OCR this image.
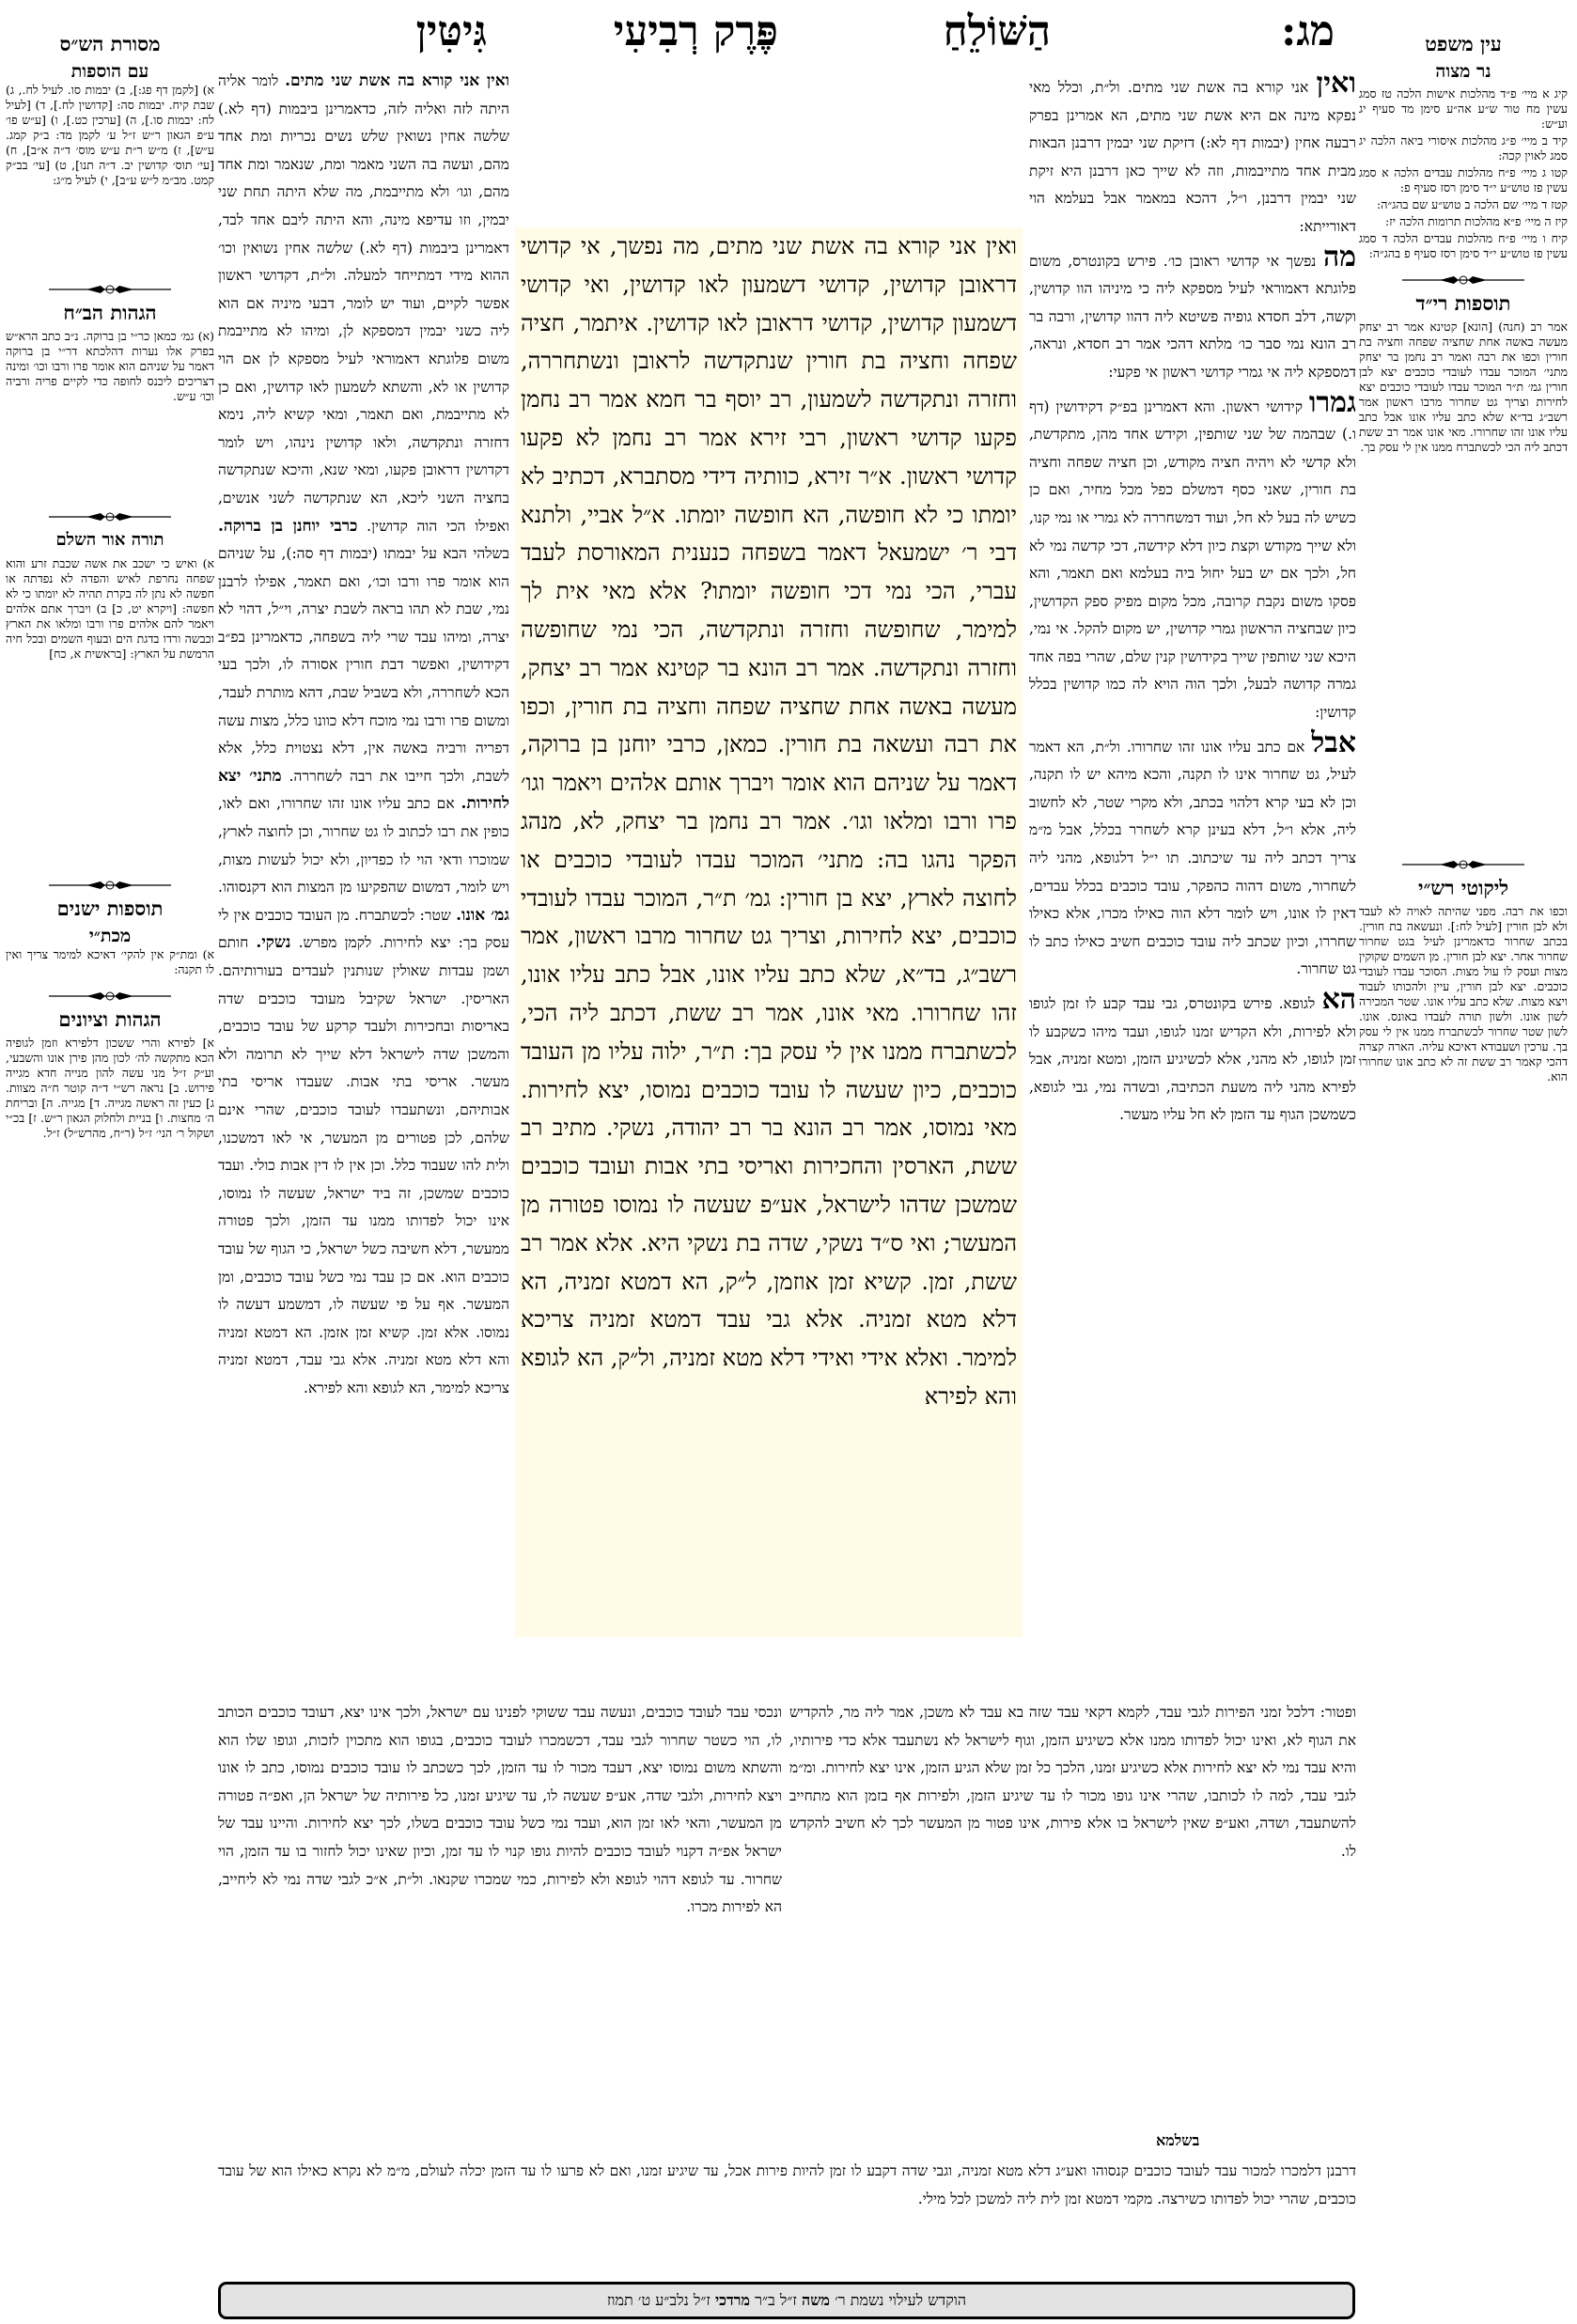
מג:
הַשּׁוֹלֵחַ
פֶּרֶק רְבִיעִי
גִּיטִּין	עין משפט
נר מצוה

קיג א מיי׳ פ״ד מהלכות אישות הלכה טז סמג עשין מח טור ש״ע אה״ע סימן מד סעיף יג וע״ש:

קיד ב מיי׳ פ״ג מהלכות איסורי ביאה הלכה יג סמג לאוין קכה:

קטו ג מיי׳ פ״ח מהלכות עבדים הלכה א סמג עשין פז טוש״ע י״ד סימן רסז סעיף פ:

קטז ד מיי׳ שם הלכה ב טוש״ע שם בהג״ה:

קיז ה מיי׳ פ״א מהלכות תרומות הלכה יז:

קיח ו מיי׳ פ״ח מהלכות עבדים הלכה ד סמג עשין פז טוש״ע י״ד סימן רסז סעיף פ בהג״ה:

תוספות רי״ד

אמר רב (חנה) [הונא] קטינא אמר רב יצחק מעשה באשה אחת שחציה שפחה וחציה בת חורין וכפו את רבה ואמר רב נחמן בר יצחק מתני׳ המוכר עבדו לעובדי כוכבים יצא לבן חורין גמ׳ ת״ר המוכר עבדו לעובדי כוכבים יצא לחירות וצריך גט שחרור מרבו ראשון אמר רשב״ג בד״א שלא כתב עליו אונו אבל כתב עליו אונו זהו שחרורו. מאי אונו אמר רב ששת דכתב ליה הכי לכשתברח ממנו אין לי עסק בך.

ליקוטי רש״י

וכפו את רבה. מפני שהיתה לאויה לא לעבד ולא לבן חורין [לעיל לח:]. ונעשאה בת חורין. בכתב שחרור כדאמרינן לעיל בגט שחרור שחרור אחר. יצא לבן חורין. מן השמים שקוקין מצות ועסק לו עול מצות. הסוכר עבדו לעובדי כוכבים. יצא לבן חורין, עיין ולהכותו לעבוד ויצא מצות. שלא כתב עליו אונו. שטר המכירה לשון אונו. ולשון תורה לעבדו באונס. אונו. לשון שטר שחרור לכשתברח ממנו אין לי עסק בך. ערכין ושעבודא דאיכא עליה. הארה קצרה דהכי קאמר רב ששת זה לא כתב אונו שחרורו הוא.

מסורת הש״ס
עם הוספות

א) [לקמן דף פג:], ב) יבמות סו. לעיל לח., ג) שבת קיח. יבמות סה: [קדושין לח.], ד) [לעיל לח: יבמות סו.], ה) [ערכין כט.], ו) [ע״ש פו׳ ע״פ הגאון ר״ש ז״ל ע׳ לקמן מד: ב״ק קמג. ע״ש], ז) מ״ש ר״ת ע״ש מוס׳ ד״ה א״ב], ח) [עי׳ תוס׳ קדושין יב. ד״ה תנו], ט) [עי׳ בב״ק קמט. מב״מ ל״ש ע״ב], י) לעיל מ״ג:

הגהות הב״ח

(א) גמ׳ כמאן כר״י בן ברוקה. נ״ב כתב הרא״ש בפרק אלו נערות דהלכתא דר״י בן ברוקה דאמר על שניהם הוא אומר פרו ורבו וכו׳ ומינה דצריכים ליכנס לחופה כדי לקיים פריה ורביה וכו׳ ע״ש.

תורה אור השלם

א) ואיש כי ישכב את אשה שכבת זרע והוא שפחה נחרפת לאיש והפדה לא נפדתה או חפשה לא נתן לה בקרת תהיה לא יומתו כי לא חפשה: [ויקרא יט, כ] ב) ויברך אתם אלהים ויאמר להם אלהים פרו ורבו ומלאו את הארץ וכבשה ורדו בדגת הים ובעוף השמים ובכל חיה הרמשת על הארץ: [בראשית א, כח]

תוספות ישנים
מכת״י

א) ומת״ק אין להקי׳ דאיכא למימר צריך ואין לו תקנה:

הגהות וציונים

א] לפירא והרי ששכון דלפירא וזמן לגופיה הכא מתקשה לה׳ לכון מהן פירן אונו והשבעי, וע״ק ז״ל מני עשה להון מנייה חדא מגייה פירוש. ב] נראה רש״י ד״ה קוטר ח״ה מצוות. ג] כעין זה ראשה מגייה. ד] מגייה. ה] ובריחת ה׳ מחצות. ו] בניית ולחלוק הגאון ר״ש. ז] בכ״י ושקול ר׳ הני׳ ז״ל (ר״ח, מהרש״ל) ז״ל.

ואין אני קורא בה אשת שני מתים. ול״ת, וכלל מאי נפקא מינה אם היא אשת שני מתים, הא אמרינן בפרק רבעה אחין (יבמות דף לא:) דזיקת שני יבמין דרבנן הבאות מבית אחד מתייבמות, וזה לא שייך כאן דרבנן היא זיקת שני יבמין דרבנן, ו״ל, דהכא במאמר אבל בעלמא הוי דאורייתא:
מה נפשך אי קדושי ראובן כו׳. פירש בקונטרס, משום פלוגתא דאמוראי לעיל מספקא ליה כי מיניהו הוו קדושין, וקשה, דלב חסדא גופיה פשיטא ליה דהוו קדושין, ורבה בר רב הונא נמי סבר כו׳ מלתא דהכי אמר רב חסדא, ונראה, דמספקא ליה אי גמרי קדושי ראשון אי פקעי:
גמרו קידושי ראשון. והא דאמרינן בפ״ק דקידושין (דף ו.) שבהמה של שני שותפין, וקידש אחד מהן, מתקדשת, ולא קדשי לא ויהיה חציה מקודש, וכן חציה שפחה וחציה בת חורין, שאני כסף דמשלם כפל מכל מחיר, ואם כן כשיש לה בעל לא חל, ועוד דמשחררה לא גמרי או נמי קנו, ולא שייך מקודש וקצת כיון דלא קידשה, דכי קדשה נמי לא חל, ולכך אם יש בעל יחול ביה בעלמא ואם תאמר, והא פסקו משום נקבת קרובה, מכל מקום מפיק ספק הקדושין, כיון שבחציה הראשון גמרי קדושין, יש מקום להקל. אי נמי, היכא שני שותפין שייך בקידושין קנין שלם, שהרי בפה אחד גמרה קדושה לבעל, ולכך הוה הויא לה כמו קדושין בכלל קדושין:
אבל אם כתב עליו אונו זהו שחרורו. ול״ת, הא דאמר לעיל, גט שחרור אינו לו תקנה, והכא מיהא יש לו תקנה, וכן לא בעי קרא דלהוי בכתב, ולא מקרי שטר, לא לחשוב ליה, אלא ו״ל, דלא בעינן קרא לשחרר בכלל, אבל מ״מ צריך דכתב ליה עד שיכתוב. תו י״ל דלגופא, מהני ליה לשחרור, משום דהוה כהפקר, עובד כוכבים בכלל עבדים, דאין לו אונו, ויש לומר דלא הוה כאילו מכרו, אלא כאילו שחררו, וכיון שכתב ליה עובד כוכבים חשיב כאילו כתב לו גט שחרור.
הא לגופא. פירש בקונטרס, גבי עבד קבע לו זמן לגופו ולא לפירות, ולא הקדיש זמנו לגופו, ועבד מיהו כשקבע לו זמן לגופו, לא מהני, אלא לכשיגיע הזמן, ומטא זמניה, אבל לפירא מהני ליה משעת הכתיבה, ובשדה נמי, גבי לגופא, כשמשכן הגוף עד הזמן לא חל עליו מעשר.
ואין אני קורא בה אשת שני מתים, מה נפשך, אי קדושי דראובן קדושין, קדושי דשמעון לאו קדושין, ואי קדושי דשמעון קדושין, קדושי דראובן לאו קדושין. איתמר, חציה שפחה וחציה בת חורין שנתקדשה לראובן ונשתחררה, וחזרה ונתקדשה לשמעון, רב יוסף בר חמא אמר רב נחמן פקעו קדושי ראשון, רבי זירא אמר רב נחמן לא פקעו קדושי ראשון. א״ר זירא, כוותיה דידי מסתברא, דכתיב לא יומתו כי לא חופשה, הא חופשה יומתו. א״ל אביי, ולתנא דבי ר׳ ישמעאל דאמר בשפחה כנענית המאורסת לעבד עברי, הכי נמי דכי חופשה יומתו? אלא מאי אית לך למימר, שחופשה וחזרה ונתקדשה, הכי נמי שחופשה וחזרה ונתקדשה. אמר רב הונא בר קטינא אמר רב יצחק, מעשה באשה אחת שחציה שפחה וחציה בת חורין, וכפו את רבה ועשאה בת חורין. כמאן, כרבי יוחנן בן ברוקה, דאמר על שניהם הוא אומר ויברך אותם אלהים ויאמר וגו׳ פרו ורבו ומלאו וגו׳. אמר רב נחמן בר יצחק, לא, מנהג הפקר נהגו בה: מתני׳ המוכר עבדו לעובדי כוכבים או לחוצה לארץ, יצא בן חורין: גמ׳ ת״ר, המוכר עבדו לעובדי כוכבים, יצא לחירות, וצריך גט שחרור מרבו ראשון, אמר רשב״ג, בד״א, שלא כתב עליו אונו, אבל כתב עליו אונו, זהו שחרורו. מאי אונו, אמר רב ששת, דכתב ליה הכי, לכשתברח ממנו אין לי עסק בך: ת״ר, ילוה עליו מן העובד כוכבים, כיון שעשה לו עובד כוכבים נמוסו, יצא לחירות. מאי נמוסו, אמר רב הונא בר רב יהודה, נשקי. מתיב רב ששת, הארסין והחכירות ואריסי בתי אבות ועובד כוכבים שמשכן שדהו לישראל, אע״פ שעשה לו נמוסו פטורה מן המעשר; ואי ס״ד נשקי, שדה בת נשקי היא. אלא אמר רב ששת, זמן. קשיא זמן אוזמן, ל״ק, הא דמטא זמניה, הא דלא מטא זמניה. אלא גבי עבד דמטא זמניה צריכא למימר. ואלא אידי ואידי דלא מטא זמניה, ול״ק, הא לגופא והא לפירא
ואין אני קורא בה אשת שני מתים. לומר אליה היתה לזה ואליה לזה, כדאמרינן ביבמות (דף לא.) שלשה אחין נשואין שלש נשים נכריות ומת אחד מהם, ועשה בה השני מאמר ומת, שנאמר ומת אחד מהם, וגו׳ ולא מתייבמת, מה שלא היתה תחת שני יבמין, וזו עדיפא מינה, והא היתה ליבם אחד לבד, דאמרינן ביבמות (דף לא.) שלשה אחין נשואין וכו׳ ההוא מידי דמתייחד למעלה. ול״ת, דקדושי ראשון אפשר לקיים, ועוד יש לומר, דבעי מיניה אם הוא ליה כשני יבמין דמספקא לן, ומיהו לא מתייבמת משום פלוגתא דאמוראי לעיל מספקא לן אם הוי קדושין או לא, והשתא לשמעון לאו קדושין, ואם כן לא מתייבמת, ואם תאמר, ומאי קשיא ליה, נימא דחזרה ונתקדשה, ולאו קדושין נינהו, ויש לומר דקדושין דראובן פקעו, ומאי שנא, והיכא שנתקדשה בחציה השני ליכא, הא שנתקדשה לשני אנשים, ואפילו הכי הוה קדושין. כרבי יוחנן בן ברוקה. בשלהי הבא על יבמתו (יבמות דף סה:), על שניהם הוא אומר פרו ורבו וכו׳, ואם תאמר, אפילו לרבנן נמי, שבת לא תהו בראה לשבת יצרה, וי״ל, דהוי לא יצרה, ומיהו עבד שרי ליה בשפחה, כדאמרינן בפ״ב דקידושין, ואפשר דבת חורין אסורה לו, ולכך בעי הכא לשחררה, ולא בשביל שבת, דהא מותרת לעבד, ומשום פרו ורבו נמי מוכח דלא כוונו כלל, מצות עשה דפריה ורביה באשה אין, דלא נצטוית כלל, אלא לשבת, ולכך חייבו את רבה לשחררה. מתני׳ יצא לחירות. אם כתב עליו אונו זהו שחרורו, ואם לאו, כופין את רבו לכתוב לו גט שחרור, וכן לחוצה לארץ, שמוכרו ודאי הוי לו כפדיון, ולא יכול לעשות מצות, ויש לומר, דמשום שהפקיעו מן המצות הוא דקנסוהו. גמ׳ אונו. שטר: לכשתברח. מן העובד כוכבים אין לי עסק בך: יצא לחירות. לקמן מפרש. נשקי. חותם ושמן עבדות שאולין שנותנין לעבדים בעורותיהם. האריסין. ישראל שקיבל מעובד כוכבים שדה באריסות ובחכירות ולעבד קרקע של עובד כוכבים, והמשכן שדה לישראל דלא שייך לא תרומה ולא מעשר. אריסי בתי אבות. שעבדו אריסי בתי אבותיהם, ונשתעבדו לעובד כוכבים, שהרי אינם שלהם, לכן פטורים מן המעשר, אי לאו דמשכנו, ולית להו שעבוד כלל. וכן אין לו דין אבות כולי. ועבד כוכבים שמשכן, זה ביד ישראל, שעשה לו נמוסו, אינו יכול לפדותו ממנו עד הזמן, ולכך פטורה ממעשר, דלא חשיבה כשל ישראל, כי הגוף של עובד כוכבים הוא. אם כן עבד נמי כשל עובד כוכבים, ומן המעשר. אף על פי שעשה לו, דמשמע דעשה לו נמוסו. אלא זמן. קשיא זמן אזמן. הא דמטא זמניה והא דלא מטא זמניה. אלא גבי עבד, דמטא זמניה צריכא למימר, הא לגופא והא לפירא.
ופטור: דלכל זמני הפירות לגבי עבד, לקמא דקאי עבד שזה בא עבד לא משכן, אמר ליה מר, להקדיש את הגוף לא, ואינו יכול לפדותו ממנו אלא כשיגיע הזמן, וגוף לישראל לא נשתעבד אלא כדי פירותיו, והיא עבד נמי לא יצא לחירות אלא כשיגיע זמנו, הלכך כל זמן שלא הגיע הזמן, אינו יצא לחירות. ומ״מ לגבי עבד, למה לו לכותבו, שהרי אינו גופו מכור לו עד שיגיע הזמן, ולפירות אף בזמן הוא מתחייב להשתעבד, ושדה, ואע״פ שאין לישראל בו אלא פירות, אינו פטור מן המעשר לכך לא חשיב להקדש לו.
ונכסי עבד לעובד כוכבים, ונעשה עבד ששוקי לפנינו עם ישראל, ולכך אינו יצא, דעובד כוכבים הכותב לו, הוי כשטר שחרור לגבי עבד, דכשמכרו לעובד כוכבים, בגופו הוא מתכוין לזכות, וגופו שלו הוא והשתא משום נמוסו יצא, דעבד מכור לו עד הזמן, לכך כשכתב לו עובד כוכבים נמוסו, כתב לו אונו ויצא לחירות, ולגבי שדה, אע״פ שעשה לו, עד שיגיע זמנו, כל פירותיה של ישראל הן, ואפ״ה פטורה מן המעשר, והאי לאו זמן הוא, ועבד נמי כשל עובד כוכבים בשלו, לכך יצא לחירות. והיינו עבד של ישראל אפ״ה דקנוי לעובד כוכבים להיות גופו קנוי לו עד זמן, וכיון שאינו יכול לחזור בו עד הזמן, הוי שחרור. עד לגופא דהוי לגופא ולא לפירות, כמי שמכרו שקנאו. ול״ת, א״כ לגבי שדה נמי לא ליחייב, הא לפירות מכרו.
בשלמא
דרבנן דלמכרו למכור עבד לעובד כוכבים קנסוהו ואע״ג דלא מטא זמניה, וגבי שדה דקבע לו זמן להיות פירות אכל, עד שיגיע זמנו, ואם לא פרעו לו עד הזמן יכלה לעולם, מ״מ לא נקרא כאילו הוא של עובד כוכבים, שהרי יכול לפדותו כשירצה. מקמי דמטא זמן לית ליה למשכן לכל מילי.
הוקדש לעילוי נשמת ר׳ משה ז״ל ב״ר מרדכי ז״ל נלב״ע ט׳ תמוז
